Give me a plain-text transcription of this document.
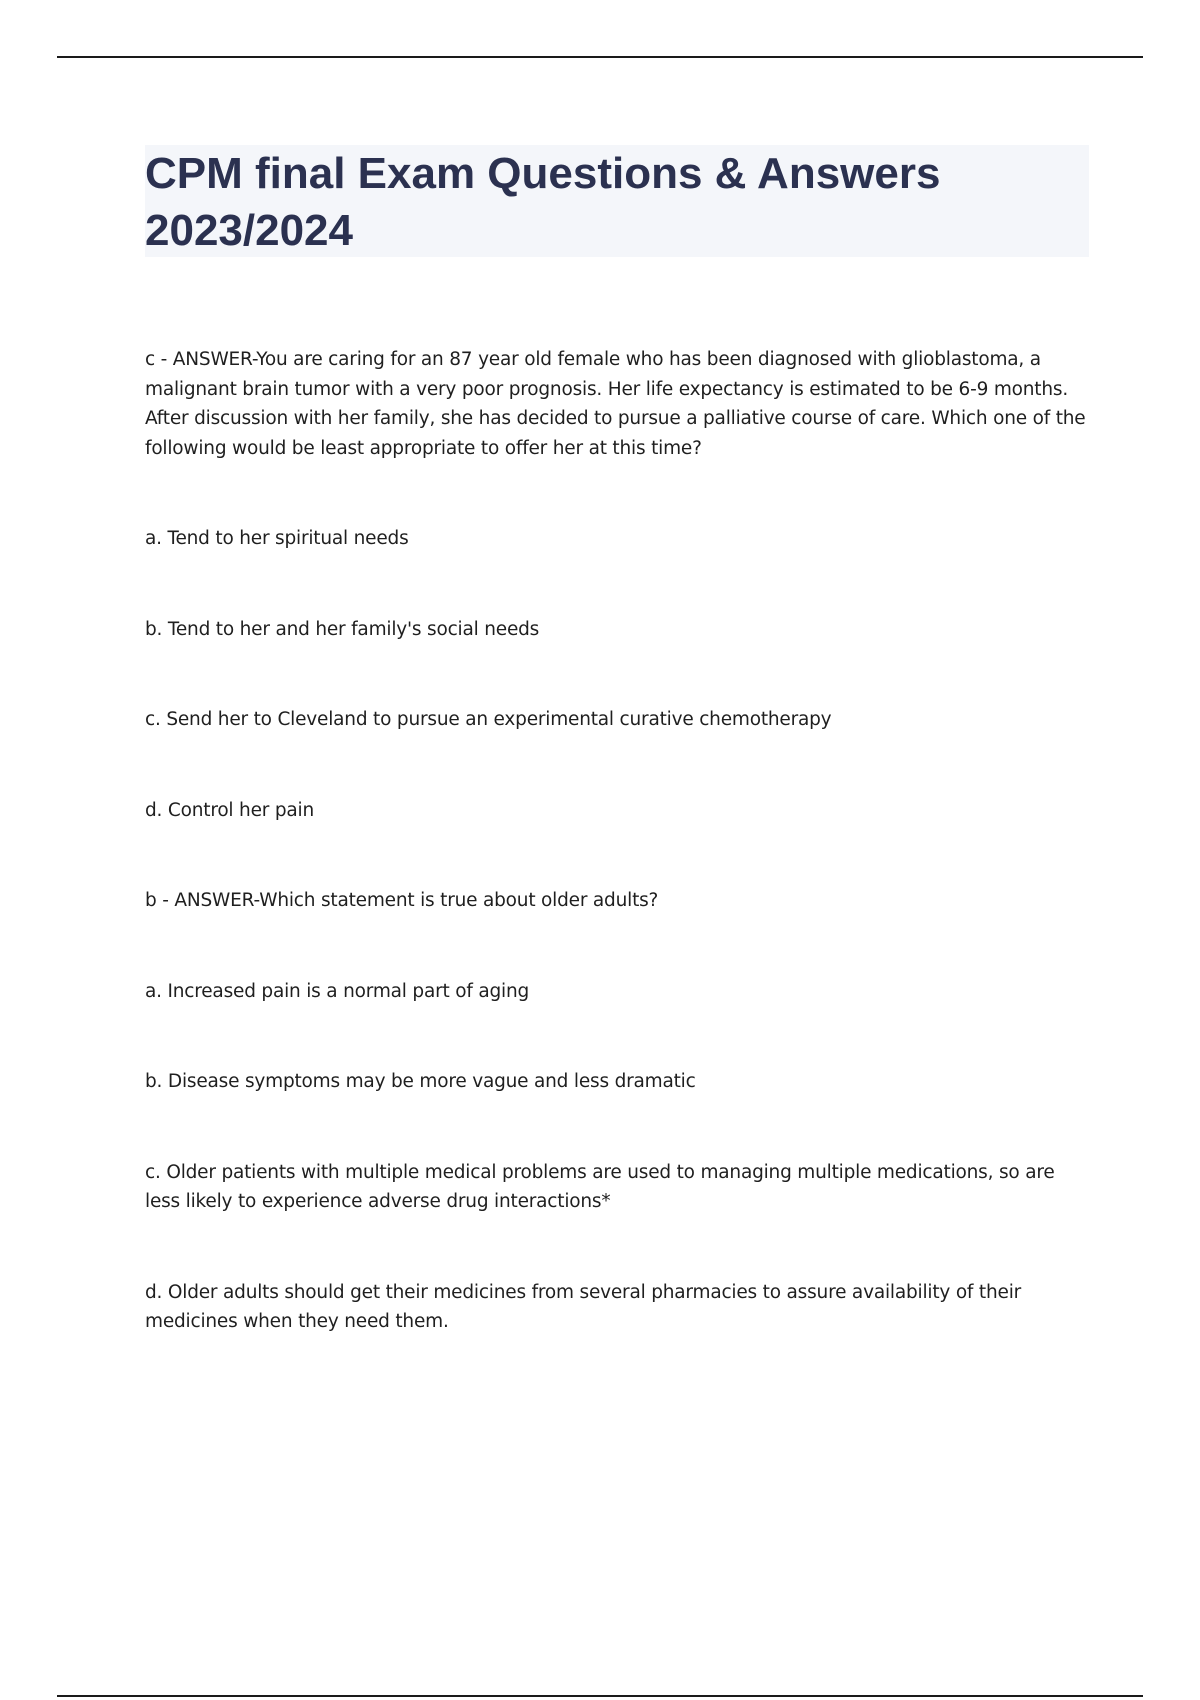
CPM final Exam Questions & Answers 2023/2024

c - ANSWER-You are caring for an 87 year old female who has been diagnosed with glioblastoma, a malignant brain tumor with a very poor prognosis. Her life expectancy is estimated to be 6-9 months. After discussion with her family, she has decided to pursue a palliative course of care. Which one of the following would be least appropriate to offer her at this time?

a. Tend to her spiritual needs

b. Tend to her and her family's social needs

c. Send her to Cleveland to pursue an experimental curative chemotherapy

d. Control her pain

b - ANSWER-Which statement is true about older adults?

a. Increased pain is a normal part of aging

b. Disease symptoms may be more vague and less dramatic

c. Older patients with multiple medical problems are used to managing multiple medications, so are less likely to experience adverse drug interactions*

d. Older adults should get their medicines from several pharmacies to assure availability of their medicines when they need them.
